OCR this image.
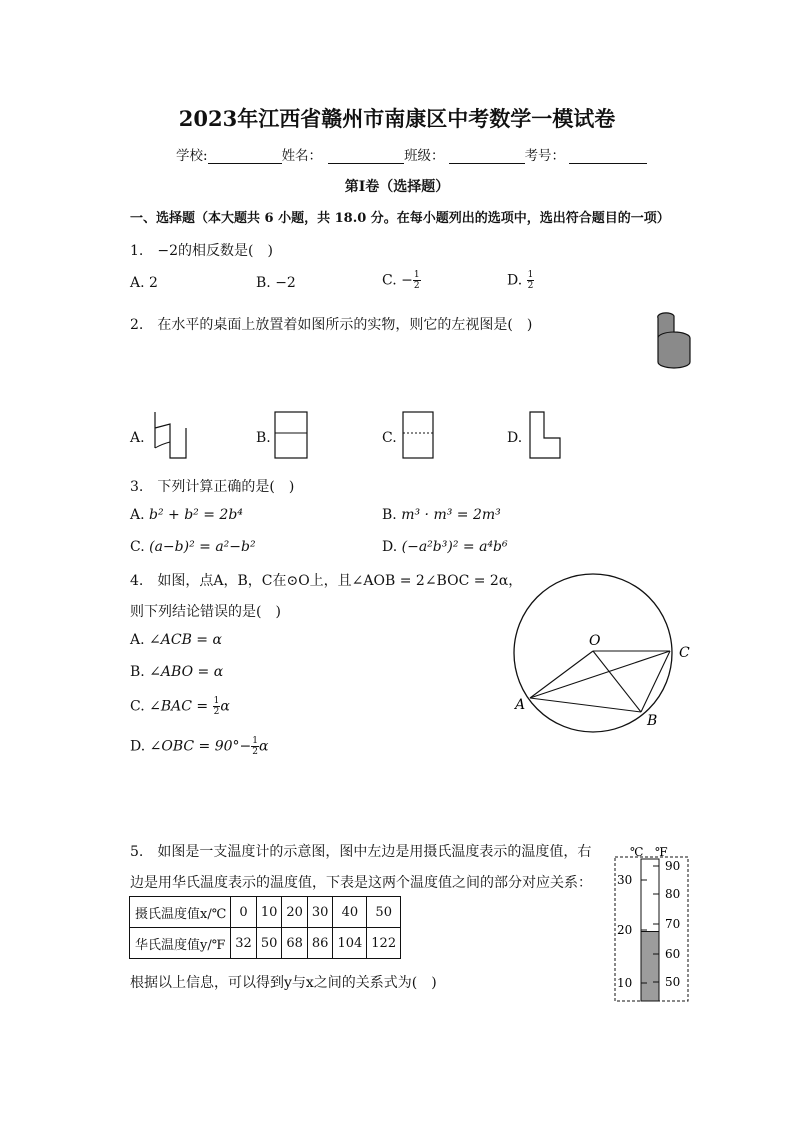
2023年江西省赣州市南康区中考数学一模试卷
学校:	姓名：	班级：	考号：
第Ⅰ卷（选择题）
一、选择题（本大题共 6 小题，共 18.0 分。在每小题列出的选项中，选出符合题目的一项）
1.　−2的相反数是(　)
A. 2	B. −2	C. − $\frac{1}{2}$	D. $\frac{1}{2}$
2.　在水平的桌面上放置着如图所示的实物，则它的左视图是(　)
A.	B.	C.	D.
3.　下列计算正确的是(　)
A. b² + b² = 2b⁴	B. m³ · m³ = 2m³
C. (a−b)² = a²−b²	D. (−a²b³)² = a⁴b⁶
4.　如图，点A，B，C在⊙O上，且∠AOB = 2∠BOC = 2α，
则下列结论错误的是(　)
A. ∠ACB = α
B. ∠ABO = α
C. ∠BAC = $\frac{1}{2}$ α
D. ∠OBC = $90^\circ- \frac{1}{2}$ α
O
C
A
B
5.　如图是一支温度计的示意图，图中左边是用摄氏温度表示的温度值，右
边是用华氏温度表示的温度值，下表是这两个温度值之间的部分对应关系：
摄氏温度值x/℃	0	10	20	30	40	50
华氏温度值y/℉	32	50	68	86	104	122
根据以上信息，可以得到y与x之间的关系式为(　)
℃ ℉
30
20
10
90
80
70
60
50
